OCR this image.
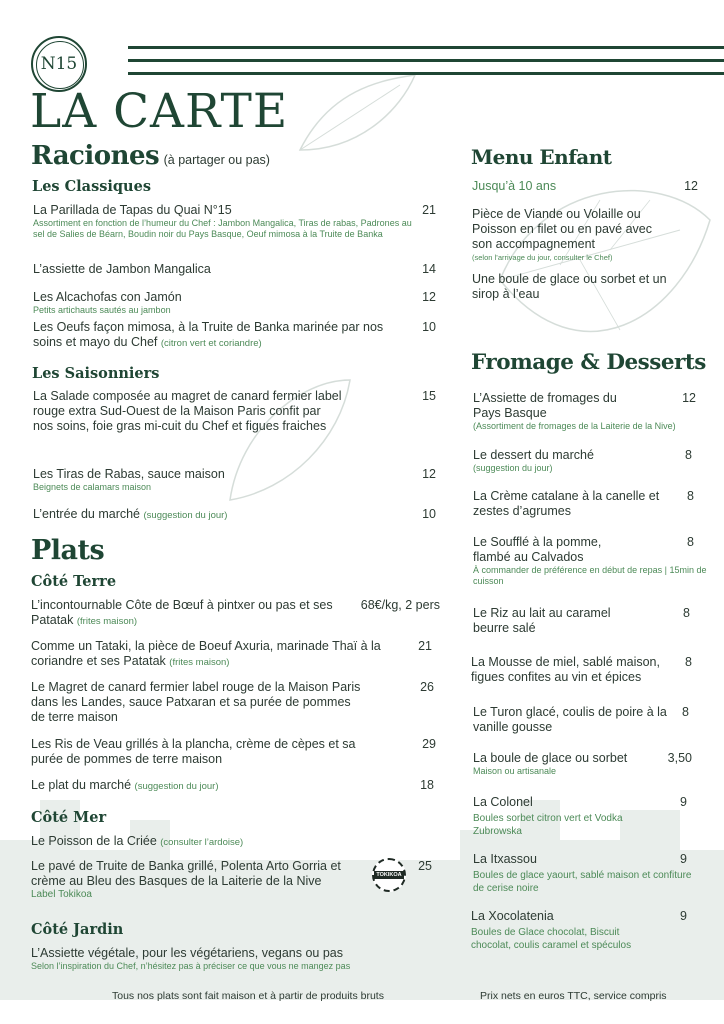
N15
LA CARTE
Raciones (à partager ou pas)
Les Classiques
La Parillada de Tapas du Quai N°15
Assortiment en fonction de l’humeur du Chef : Jambon Mangalica, Tiras de rabas, Padrones au sel de Salies de Béarn, Boudin noir du Pays Basque, Oeuf mimosa à la Truite de Banka
21
L’assiette de Jambon Mangalica	14
Les Alcachofas con Jamón
Petits artichauts sautés au jambon
12
Les Oeufs façon mimosa, à la Truite de Banka marinée par nos soins et mayo du Chef (citron vert et coriandre)
10
Les Saisonniers
La Salade composée au magret de canard fermier label rouge extra Sud-Ouest de la Maison Paris confit par nos soins, foie gras mi-cuit du Chef et figues fraiches
15
Les Tiras de Rabas, sauce maison
Beignets de calamars maison
12
L’entrée du marché (suggestion du jour)	10
Plats
Côté Terre
L’incontournable Côte de Bœuf à pintxer ou pas et ses Patatak (frites maison)
68€/kg, 2 pers
Comme un Tataki, la pièce de Boeuf Axuria, marinade Thaï à la coriandre et ses Patatak (frites maison)
21
Le Magret de canard fermier label rouge de la Maison Paris dans les Landes, sauce Patxaran et sa purée de pommes de terre maison
26
Les Ris de Veau grillés à la plancha, crème de cèpes et sa purée de pommes de terre maison
29
Le plat du marché (suggestion du jour)	18
Côté Mer
Le Poisson de la Criée (consulter l’ardoise)
Le pavé de Truite de Banka grillé, Polenta Arto Gorria et crème au Bleu des Basques de la Laiterie de la Nive
Label Tokikoa
TOKIKOA
25
Côté Jardin
L’Assiette végétale, pour les végétariens, vegans ou pas
Selon l’inspiration du Chef, n’hésitez pas à préciser ce que vous ne mangez pas
Menu Enfant
Jusqu’à 10 ans	12
Pièce de Viande ou Volaille ou Poisson en filet ou en pavé avec son accompagnement
(selon l’arrivage du jour, consulter le Chef)
Une boule de glace ou sorbet et un sirop à l’eau
Fromage & Desserts
L’Assiette de fromages du Pays Basque
(Assortiment de fromages de la Laiterie de la Nive)
12
Le dessert du marché
(suggestion du jour)
8
La Crème catalane à la canelle et zestes d’agrumes
8
Le Soufflé à la pomme, flambé au Calvados
À commander de préférence en début de repas | 15min de cuisson
8
Le Riz au lait au caramel beurre salé
8
La Mousse de miel, sablé maison, figues confites au vin et épices
8
Le Turon glacé, coulis de poire à la vanille gousse
8
La boule de glace ou sorbet
Maison ou artisanale
3,50
La Colonel
Boules sorbet citron vert et Vodka Zubrowska
9
La Itxassou
Boules de glace yaourt, sablé maison et confiture de cerise noire
9
La Xocolatenia
Boules de Glace chocolat, Biscuit chocolat, coulis caramel et spéculos
9
Tous nos plats sont fait maison et à partir de produits bruts	Prix nets en euros TTC, service compris
